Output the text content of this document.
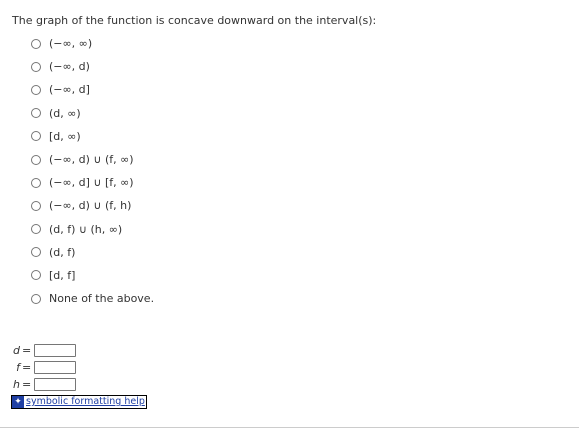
The graph of the function is concave downward on the interval(s):
(−∞, ∞)
(−∞, d)
(−∞, d]
(d, ∞)
[d, ∞)
(−∞, d) ∪ (f, ∞)
(−∞, d] ∪ [f, ∞)
(−∞, d) ∪ (f, h)
(d, f) ∪ (h, ∞)
(d, f)
[d, f]
None of the above.
d =
f =
h =
✦ symbolic formatting help
